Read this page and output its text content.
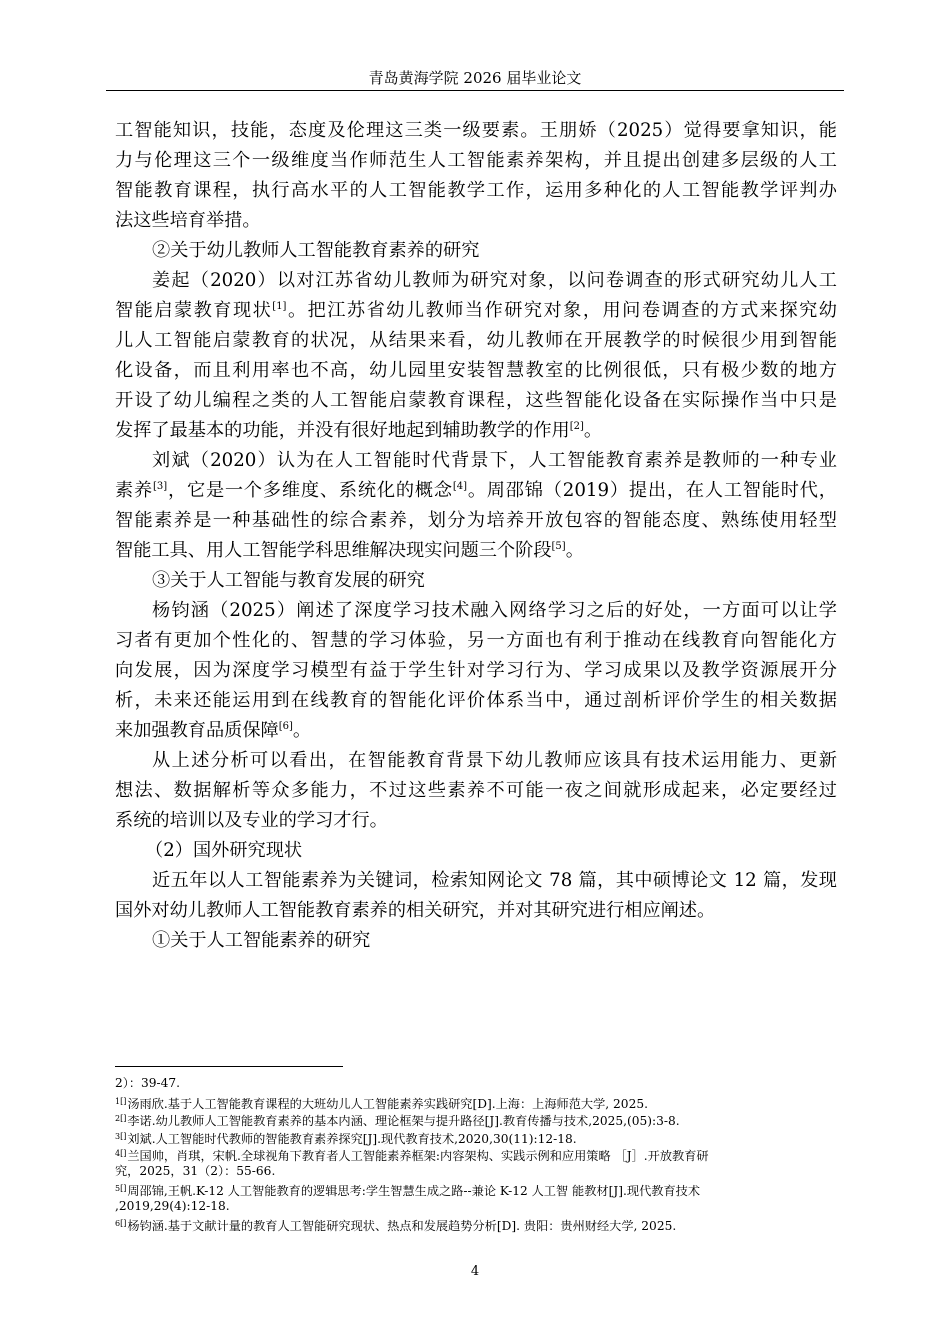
青岛黄海学院 2026 届毕业论文
工智能知识，技能，态度及伦理这三类一级要素。王朋娇（2025）觉得要拿知识，能
力与伦理这三个一级维度当作师范生人工智能素养架构，并且提出创建多层级的人工
智能教育课程，执行高水平的人工智能教学工作，运用多种化的人工智能教学评判办
法这些培育举措。
②关于幼儿教师人工智能教育素养的研究
姜起（2020）以对江苏省幼儿教师为研究对象，以问卷调查的形式研究幼儿人工
智能启蒙教育现状[1]。把江苏省幼儿教师当作研究对象，用问卷调查的方式来探究幼
儿人工智能启蒙教育的状况，从结果来看，幼儿教师在开展教学的时候很少用到智能
化设备，而且利用率也不高，幼儿园里安装智慧教室的比例很低，只有极少数的地方
开设了幼儿编程之类的人工智能启蒙教育课程，这些智能化设备在实际操作当中只是
发挥了最基本的功能，并没有很好地起到辅助教学的作用[2]。
刘斌（2020）认为在人工智能时代背景下，人工智能教育素养是教师的一种专业
素养[3]，它是一个多维度、系统化的概念[4]。周邵锦（2019）提出，在人工智能时代，
智能素养是一种基础性的综合素养，划分为培养开放包容的智能态度、熟练使用轻型
智能工具、用人工智能学科思维解决现实问题三个阶段[5]。
③关于人工智能与教育发展的研究
杨钧涵（2025）阐述了深度学习技术融入网络学习之后的好处，一方面可以让学
习者有更加个性化的、智慧的学习体验，另一方面也有利于推动在线教育向智能化方
向发展，因为深度学习模型有益于学生针对学习行为、学习成果以及教学资源展开分
析，未来还能运用到在线教育的智能化评价体系当中，通过剖析评价学生的相关数据
来加强教育品质保障[6]。
从上述分析可以看出，在智能教育背景下幼儿教师应该具有技术运用能力、更新
想法、数据解析等众多能力，不过这些素养不可能一夜之间就形成起来，必定要经过
系统的培训以及专业的学习才行。
（2）国外研究现状
近五年以人工智能素养为关键词，检索知网论文 78 篇，其中硕博论文 12 篇，发现
国外对幼儿教师人工智能教育素养的相关研究，并对其研究进行相应阐述。
①关于人工智能素养的研究
2）：39-47.
$^{1[]}$汤雨欣.基于人工智能教育课程的大班幼儿人工智能素养实践研究[D].上海：上海师范大学, 2025.
$^{2[]}$李诺.幼儿教师人工智能教育素养的基本内涵、理论框架与提升路径[J].教育传播与技术,2025,(05):3-8.
$^{3[]}$刘斌.人工智能时代教师的智能教育素养探究[J].现代教育技术,2020,30(11):12-18.
$^{4[]}$兰国帅，肖琪，宋帆.全球视角下教育者人工智能素养框架:内容架构、实践示例和应用策略 ［J］.开放教育研
究，2025，31（2）：55-66.
$^{5[]}$周邵锦,王帆.K-12 人工智能教育的逻辑思考:学生智慧生成之路--兼论 K-12 人工智 能教材[J].现代教育技术
,2019,29(4):12-18.
$^{6[]}$杨钧涵.基于文献计量的教育人工智能研究现状、热点和发展趋势分析[D]. 贵阳：贵州财经大学, 2025.
4
